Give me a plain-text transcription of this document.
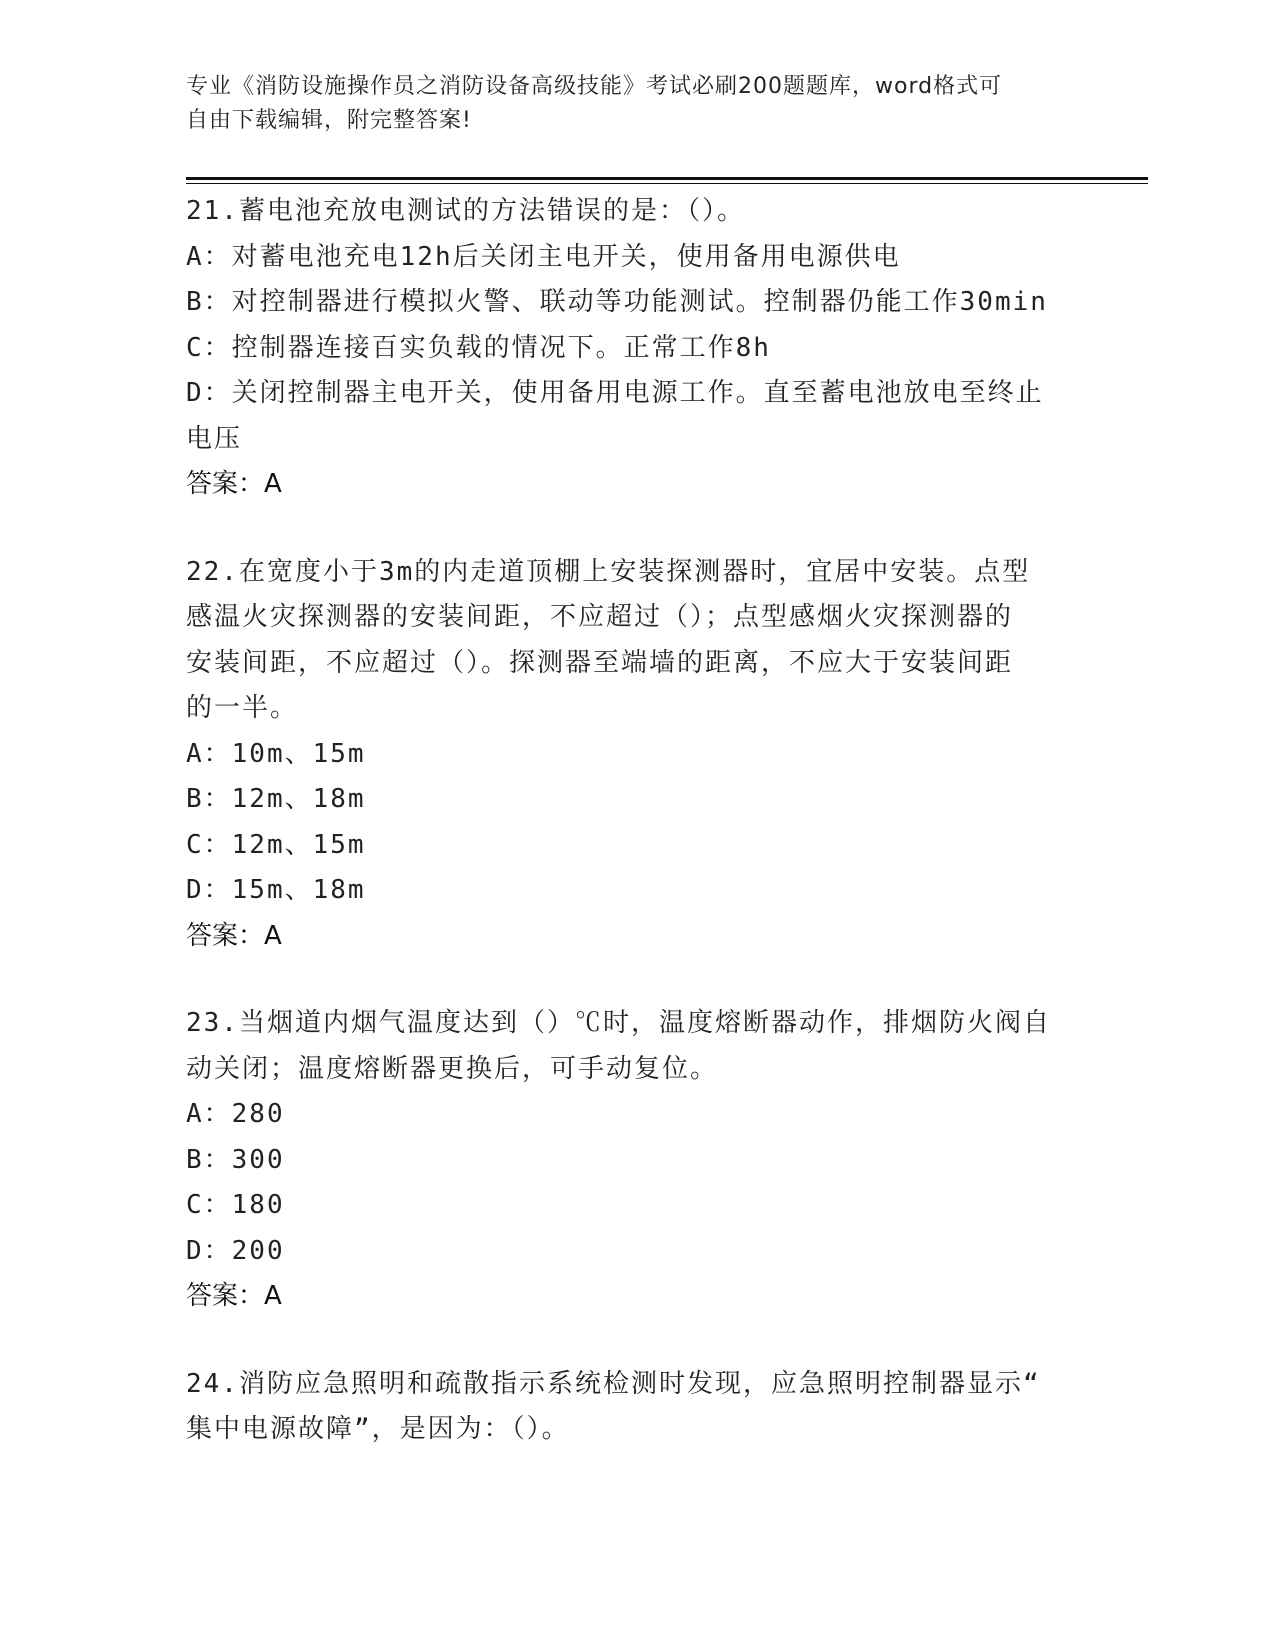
专业《消防设施操作员之消防设备高级技能》考试必刷200题题库，word格式可
自由下载编辑，附完整答案!
21.蓄电池充放电测试的方法错误的是：（）。
A：对蓄电池充电12h后关闭主电开关，使用备用电源供电
B：对控制器进行模拟火警、联动等功能测试。控制器仍能工作30min
C：控制器连接百实负载的情况下。正常工作8h
D：关闭控制器主电开关，使用备用电源工作。直至蓄电池放电至终止
电压
答案：A
22.在宽度小于3m的内走道顶棚上安装探测器时，宜居中安装。点型
感温火灾探测器的安装间距，不应超过（）；点型感烟火灾探测器的
安装间距，不应超过（）。探测器至端墙的距离，不应大于安装间距
的一半。
A：10m、15m
B：12m、18m
C：12m、15m
D：15m、18m
答案：A
23.当烟道内烟气温度达到（）℃时，温度熔断器动作，排烟防火阀自
动关闭；温度熔断器更换后，可手动复位。
A：280
B：300
C：180
D：200
答案：A
24.消防应急照明和疏散指示系统检测时发现，应急照明控制器显示“
集中电源故障”，是因为：（）。
